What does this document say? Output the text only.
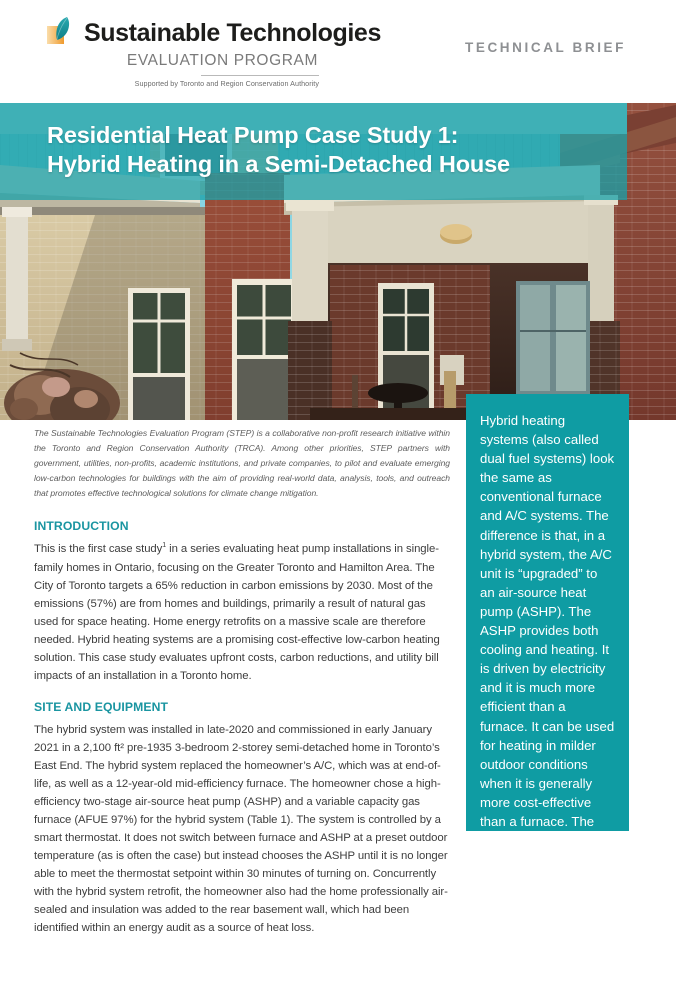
Sustainable Technologies
EVALUATION PROGRAM
Supported by Toronto and Region Conservation Authority
TECHNICAL BRIEF
Residential Heat Pump Case Study 1:
Hybrid Heating in a Semi-Detached House

Hybrid heating systems (also called dual fuel systems) look the same as conventional furnace and A/C systems. The difference is that, in a hybrid system, the A/C unit is “upgraded” to an air-source heat pump (ASHP). The ASHP provides both cooling and heating. It is driven by electricity and it is much more efficient than a furnace. It can be used for heating in milder outdoor conditions when it is generally more cost-effective than a furnace. The furnace is then used in very cold conditions. In jurisdictions with a low-carbon electricity grid, like Ontario, this can result in lower utility bills and significantly lower carbon emissions.

The Sustainable Technologies Evaluation Program (STEP) is a collaborative non-profit research initiative within the Toronto and Region Conservation Authority (TRCA). Among other priorities, STEP partners with government, utilities, non-profits, academic institutions, and private companies, to pilot and evaluate emerging low-carbon technologies for buildings with the aim of providing real-world data, analysis, tools, and outreach that promotes effective technological solutions for climate change mitigation.

INTRODUCTION

This is the first case study$^1$ in a series evaluating heat pump installations in single-family homes in Ontario, focusing on the Greater Toronto and Hamilton Area. The City of Toronto targets a 65% reduction in carbon emissions by 2030. Most of the emissions (57%) are from homes and buildings, primarily a result of natural gas used for space heating. Home energy retrofits on a massive scale are therefore needed. Hybrid heating systems are a promising cost-effective low-carbon heating solution. This case study evaluates upfront costs, carbon reductions, and utility bill impacts of an installation in a Toronto home.

SITE AND EQUIPMENT

The hybrid system was installed in late-2020 and commissioned in early January 2021 in a 2,100 ft² pre-1935 3-bedroom 2-storey semi-detached home in Toronto’s East End. The hybrid system replaced the homeowner’s A/C, which was at end-of-life, as well as a 12-year-old mid-efficiency furnace. The homeowner chose a high-efficiency two-stage air-source heat pump (ASHP) and a variable capacity gas furnace (AFUE 97%) for the hybrid system (Table 1). The system is controlled by a smart thermostat. It does not switch between furnace and ASHP at a preset outdoor temperature (as is often the case) but instead chooses the ASHP until it is no longer able to meet the thermostat setpoint within 30 minutes of turning on. Concurrently with the hybrid system retrofit, the homeowner also had the home professionally air-sealed and insulation was added to the rear basement wall, which had been identified within an energy audit as a source of heat loss.
